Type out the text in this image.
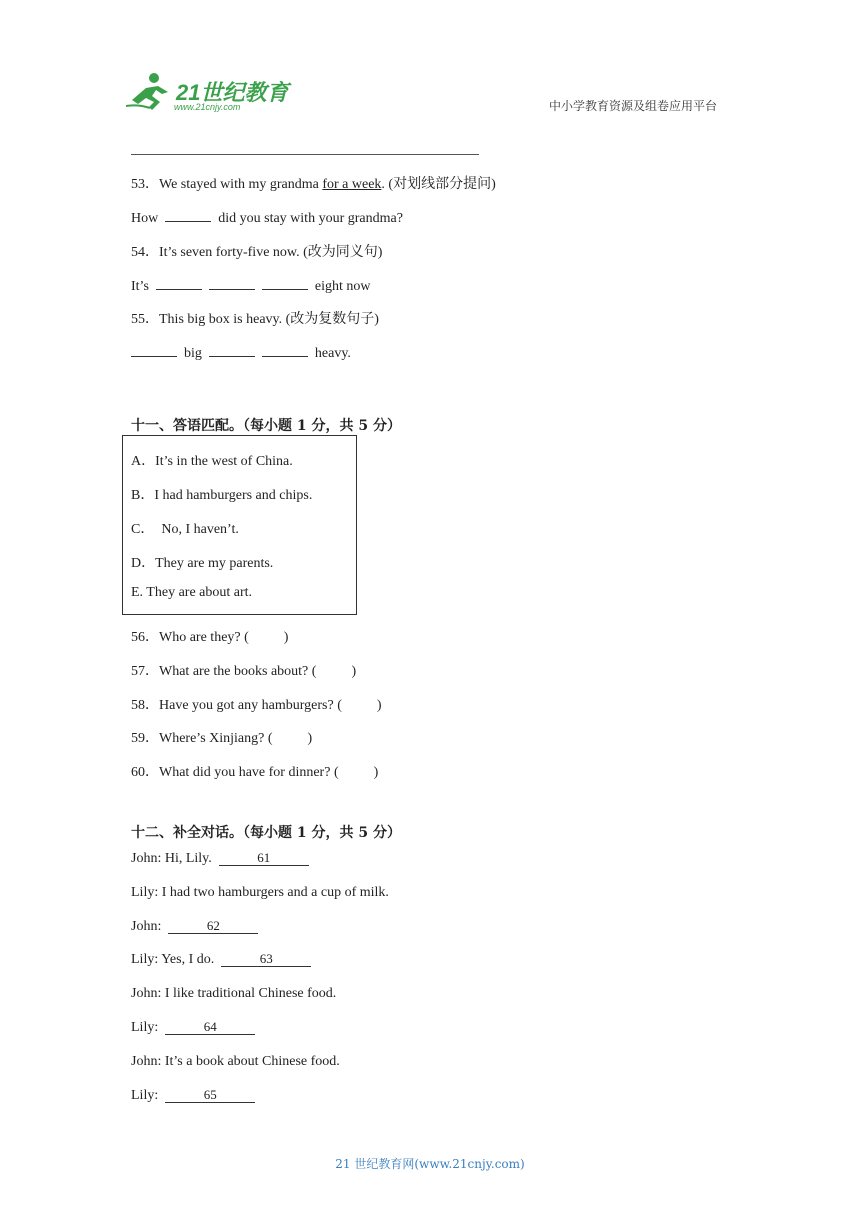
21世纪教育
www.21cnjy.com	中小学教育资源及组卷应用平台
53．We stayed with my grandma for a week. (对划线部分提问)
How	did you stay with your grandma?
54．It’s seven forty-five now. (改为同义句)
It’s	eight now
55．This big box is heavy. (改为复数句子)
big	heavy.
十一、答语匹配。（每小题 1 分，共 5 分）
A．It’s in the west of China.
B．I had hamburgers and chips.
C．  No, I haven’t.
D．They are my parents.
E. They are about art.
56．Who are they? (          )
57．What are the books about? (          )
58．Have you got any hamburgers? (          )
59．Where’s Xinjiang? (          )
60．What did you have for dinner? (          )
十二、补全对话。（每小题 1 分，共 5 分）
John: Hi, Lily.	61
Lily: I had two hamburgers and a cup of milk.
John:	62
Lily: Yes, I do.	63
John: I like traditional Chinese food.
Lily:	64
John: It’s a book about Chinese food.
Lily:	65
21 世纪教育网(www.21cnjy.com)
